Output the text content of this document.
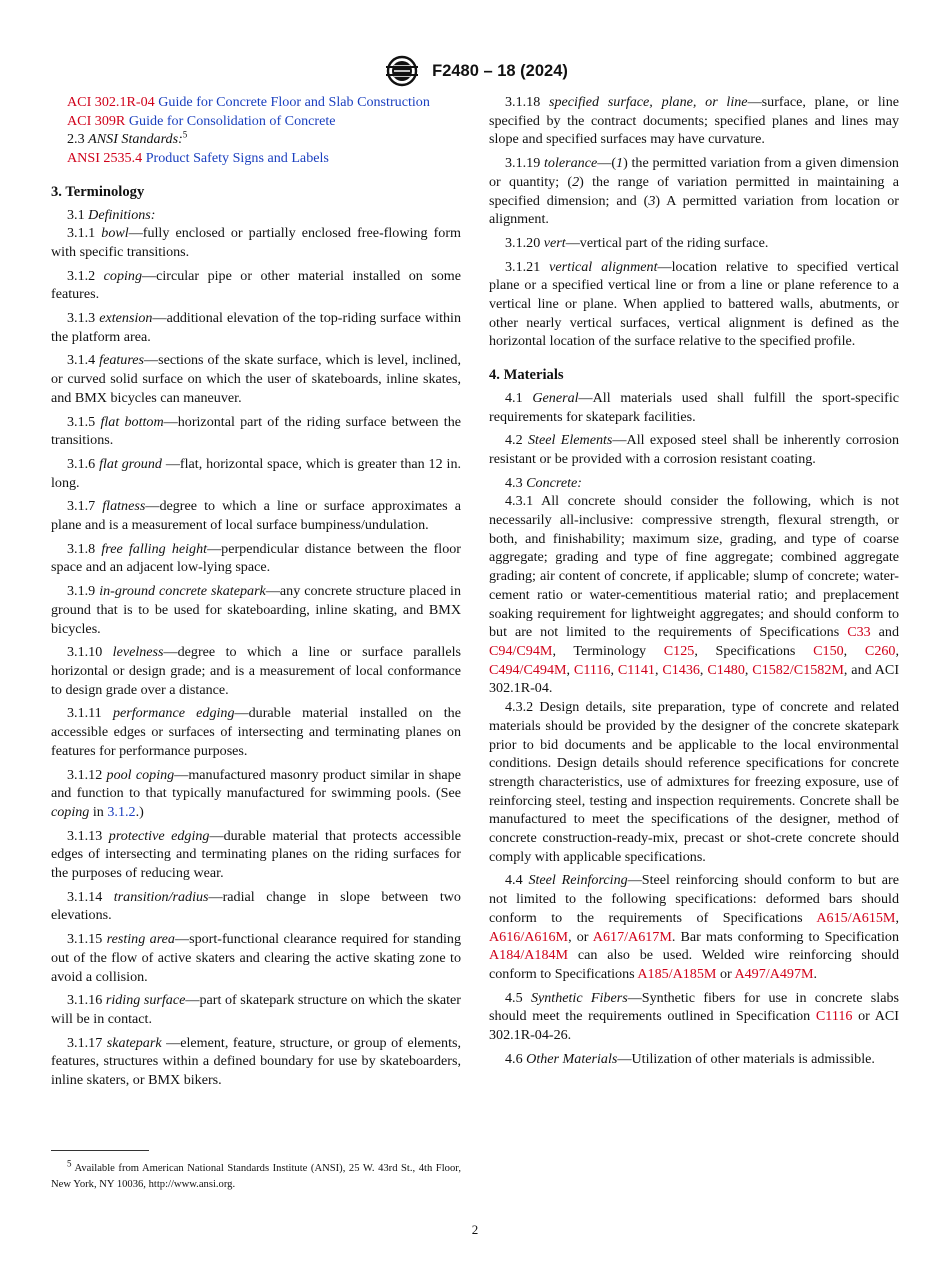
F2480 – 18 (2024)
ACI 302.1R-04 Guide for Concrete Floor and Slab Construction
ACI 309R Guide for Consolidation of Concrete
2.3 ANSI Standards:$^5$
ANSI 2535.4 Product Safety Signs and Labels
3. Terminology
3.1 Definitions:

3.1.1 bowl—fully enclosed or partially enclosed free-flowing form with specific transitions.

3.1.2 coping—circular pipe or other material installed on some features.

3.1.3 extension—additional elevation of the top-riding surface within the platform area.

3.1.4 features—sections of the skate surface, which is level, inclined, or curved solid surface on which the user of skateboards, inline skates, and BMX bicycles can maneuver.

3.1.5 flat bottom—horizontal part of the riding surface between the transitions.

3.1.6 flat ground —flat, horizontal space, which is greater than 12 in. long.

3.1.7 flatness—degree to which a line or surface approximates a plane and is a measurement of local surface bumpiness/undulation.

3.1.8 free falling height—perpendicular distance between the floor space and an adjacent low-lying space.

3.1.9 in-ground concrete skatepark—any concrete structure placed in ground that is to be used for skateboarding, inline skating, and BMX bicycles.

3.1.10 levelness—degree to which a line or surface parallels horizontal or design grade; and is a measurement of local conformance to design grade over a distance.

3.1.11 performance edging—durable material installed on the accessible edges or surfaces of intersecting and terminating planes on features for performance purposes.

3.1.12 pool coping—manufactured masonry product similar in shape and function to that typically manufactured for swimming pools. (See coping in 3.1.2.)

3.1.13 protective edging—durable material that protects accessible edges of intersecting and terminating planes on the riding surfaces for the purposes of reducing wear.

3.1.14 transition/radius—radial change in slope between two elevations.

3.1.15 resting area—sport-functional clearance required for standing out of the flow of active skaters and clearing the active skating zone to avoid a collision.

3.1.16 riding surface—part of skatepark structure on which the skater will be in contact.

3.1.17 skatepark —element, feature, structure, or group of elements, features, structures within a defined boundary for use by skateboarders, inline skaters, or BMX bikers.

$^5$ Available from American National Standards Institute (ANSI), 25 W. 43rd St., 4th Floor, New York, NY 10036, http://www.ansi.org.

3.1.18 specified surface, plane, or line—surface, plane, or line specified by the contract documents; specified planes and lines may slope and specified surfaces may have curvature.

3.1.19 tolerance—(1) the permitted variation from a given dimension or quantity; (2) the range of variation permitted in maintaining a specified dimension; and (3) A permitted variation from location or alignment.

3.1.20 vert—vertical part of the riding surface.

3.1.21 vertical alignment—location relative to specified vertical plane or a specified vertical line or from a line or plane reference to a vertical line or plane. When applied to battered walls, abutments, or other nearly vertical surfaces, vertical alignment is defined as the horizontal location of the surface relative to the specified profile.

4. Materials

4.1 General—All materials used shall fulfill the sport-specific requirements for skatepark facilities.

4.2 Steel Elements—All exposed steel shall be inherently corrosion resistant or be provided with a corrosion resistant coating.

4.3 Concrete:

4.3.1 All concrete should consider the following, which is not necessarily all-inclusive: compressive strength, flexural strength, or both, and finishability; maximum size, grading, and type of coarse aggregate; grading and type of fine aggregate; combined aggregate grading; air content of concrete, if applicable; slump of concrete; water-cement ratio or water-cementitious material ratio; and preplacement soaking requirement for lightweight aggregates; and should conform to but are not limited to the requirements of Specifications C33 and C94/C94M, Terminology C125, Specifications C150, C260, C494/C494M, C1116, C1141, C1436, C1480, C1582/C1582M, and ACI 302.1R-04.

4.3.2 Design details, site preparation, type of concrete and related materials should be provided by the designer of the concrete skatepark prior to bid documents and be applicable to the local environmental conditions. Design details should reference specifications for concrete strength characteristics, use of admixtures for freezing exposure, use of reinforcing steel, testing and inspection requirements. Concrete shall be manufactured to meet the specifications of the designer, method of concrete construction-ready-mix, precast or shot-crete concrete should comply with applicable specifications.

4.4 Steel Reinforcing—Steel reinforcing should conform to but are not limited to the following specifications: deformed bars should conform to the requirements of Specifications A615/A615M, A616/A616M, or A617/A617M. Bar mats conforming to Specification A184/A184M can also be used. Welded wire reinforcing should conform to Specifications A185/A185M or A497/A497M.

4.5 Synthetic Fibers—Synthetic fibers for use in concrete slabs should meet the requirements outlined in Specification C1116 or ACI 302.1R-04-26.

4.6 Other Materials—Utilization of other materials is admissible.

2
